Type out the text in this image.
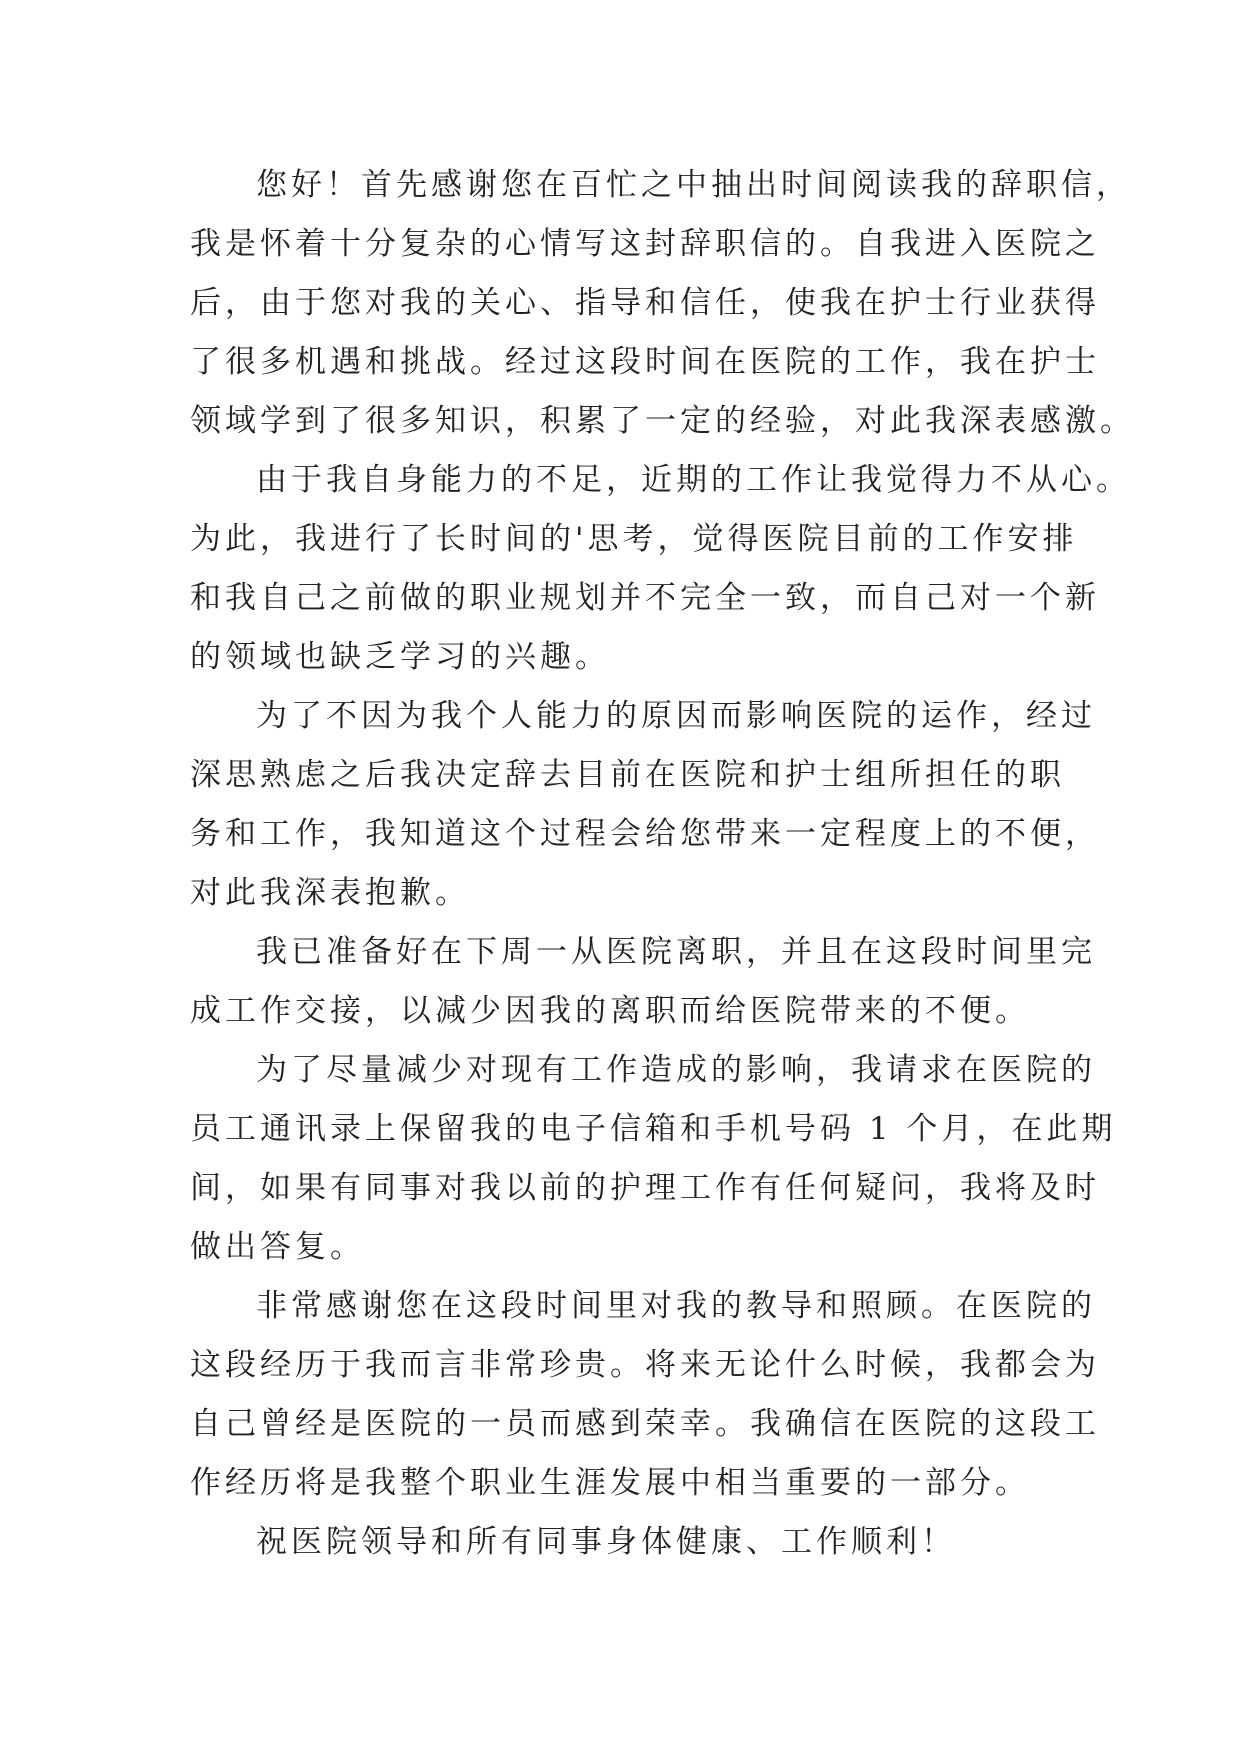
您好！首先感谢您在百忙之中抽出时间阅读我的辞职信，
我是怀着十分复杂的心情写这封辞职信的。自我进入医院之
后，由于您对我的关心、指导和信任，使我在护士行业获得
了很多机遇和挑战。经过这段时间在医院的工作，我在护士
领域学到了很多知识，积累了一定的经验，对此我深表感激。
由于我自身能力的不足，近期的工作让我觉得力不从心。
为此，我进行了长时间的'思考，觉得医院目前的工作安排
和我自己之前做的职业规划并不完全一致，而自己对一个新
的领域也缺乏学习的兴趣。
为了不因为我个人能力的原因而影响医院的运作，经过
深思熟虑之后我决定辞去目前在医院和护士组所担任的职
务和工作，我知道这个过程会给您带来一定程度上的不便，
对此我深表抱歉。
我已准备好在下周一从医院离职，并且在这段时间里完
成工作交接，以减少因我的离职而给医院带来的不便。
为了尽量减少对现有工作造成的影响，我请求在医院的
员工通讯录上保留我的电子信箱和手机号码 1 个月，在此期
间，如果有同事对我以前的护理工作有任何疑问，我将及时
做出答复。
非常感谢您在这段时间里对我的教导和照顾。在医院的
这段经历于我而言非常珍贵。将来无论什么时候，我都会为
自己曾经是医院的一员而感到荣幸。我确信在医院的这段工
作经历将是我整个职业生涯发展中相当重要的一部分。
祝医院领导和所有同事身体健康、工作顺利！
